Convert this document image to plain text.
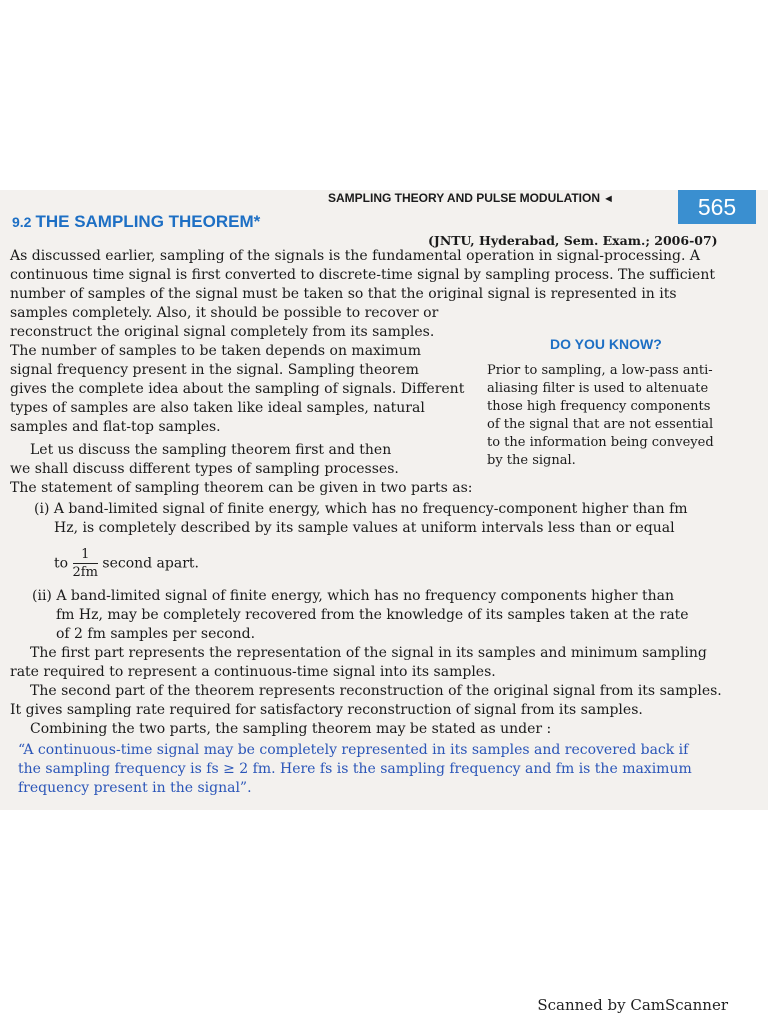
SAMPLING THEORY AND PULSE MODULATION ◄	565
9.2 THE SAMPLING THEOREM*
(JNTU, Hyderabad, Sem. Exam.; 2006-07)
As discussed earlier, sampling of the signals is the fundamental operation in signal-processing. A
continuous time signal is first converted to discrete-time signal by sampling process. The sufficient
number of samples of the signal must be taken so that the original signal is represented in its
samples completely. Also, it should be possible to recover or
reconstruct the original signal completely from its samples.
The number of samples to be taken depends on maximum
signal frequency present in the signal. Sampling theorem
gives the complete idea about the sampling of signals. Different
types of samples are also taken like ideal samples, natural
samples and flat-top samples.
Let us discuss the sampling theorem first and then
we shall discuss different types of sampling processes.
The statement of sampling theorem can be given in two parts as:
DO YOU KNOW?
Prior to sampling, a low-pass anti-
aliasing filter is used to altenuate
those high frequency components
of the signal that are not essential
to the information being conveyed
by the signal.
(i) A band-limited signal of finite energy, which has no frequency-component higher than fm
Hz, is completely described by its sample values at uniform intervals less than or equal
to $\frac{1}{2fm}$ second apart.
(ii) A band-limited signal of finite energy, which has no frequency components higher than
fm Hz, may be completely recovered from the knowledge of its samples taken at the rate
of 2 fm samples per second.
The first part represents the representation of the signal in its samples and minimum sampling
rate required to represent a continuous-time signal into its samples.
The second part of the theorem represents reconstruction of the original signal from its samples.
It gives sampling rate required for satisfactory reconstruction of signal from its samples.
Combining the two parts, the sampling theorem may be stated as under :
“A continuous-time signal may be completely represented in its samples and recovered back if
the sampling frequency is fs ≥ 2 fm. Here fs is the sampling frequency and fm is the maximum
frequency present in the signal”.
Scanned by CamScanner
